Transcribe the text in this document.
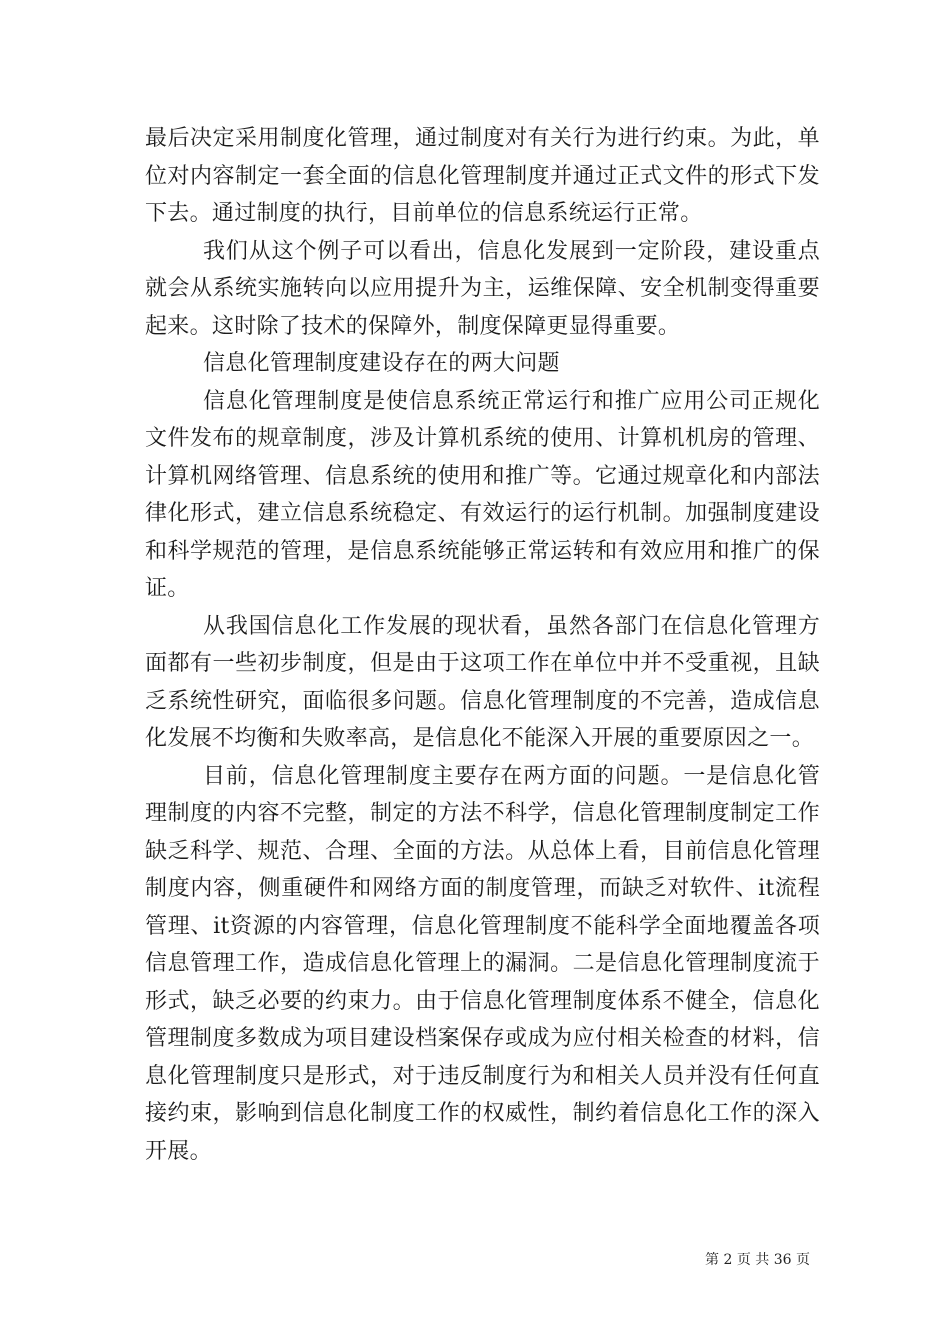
最后决定采用制度化管理，通过制度对有关行为进行约束。为此，单位对内容制定一套全面的信息化管理制度并通过正式文件的形式下发下去。通过制度的执行，目前单位的信息系统运行正常。

我们从这个例子可以看出，信息化发展到一定阶段，建设重点就会从系统实施转向以应用提升为主，运维保障、安全机制变得重要起来。这时除了技术的保障外，制度保障更显得重要。

信息化管理制度建设存在的两大问题

信息化管理制度是使信息系统正常运行和推广应用公司正规化文件发布的规章制度，涉及计算机系统的使用、计算机机房的管理、计算机网络管理、信息系统的使用和推广等。它通过规章化和内部法律化形式，建立信息系统稳定、有效运行的运行机制。加强制度建设和科学规范的管理，是信息系统能够正常运转和有效应用和推广的保证。

从我国信息化工作发展的现状看，虽然各部门在信息化管理方面都有一些初步制度，但是由于这项工作在单位中并不受重视，且缺乏系统性研究，面临很多问题。信息化管理制度的不完善，造成信息化发展不均衡和失败率高，是信息化不能深入开展的重要原因之一。

目前，信息化管理制度主要存在两方面的问题。一是信息化管理制度的内容不完整，制定的方法不科学，信息化管理制度制定工作缺乏科学、规范、合理、全面的方法。从总体上看，目前信息化管理制度内容，侧重硬件和网络方面的制度管理，而缺乏对软件、it流程管理、it资源的内容管理，信息化管理制度不能科学全面地覆盖各项信息管理工作，造成信息化管理上的漏洞。二是信息化管理制度流于形式，缺乏必要的约束力。由于信息化管理制度体系不健全，信息化管理制度多数成为项目建设档案保存或成为应付相关检查的材料，信息化管理制度只是形式，对于违反制度行为和相关人员并没有任何直接约束，影响到信息化制度工作的权威性，制约着信息化工作的深入开展。

第 2 页 共 36 页
